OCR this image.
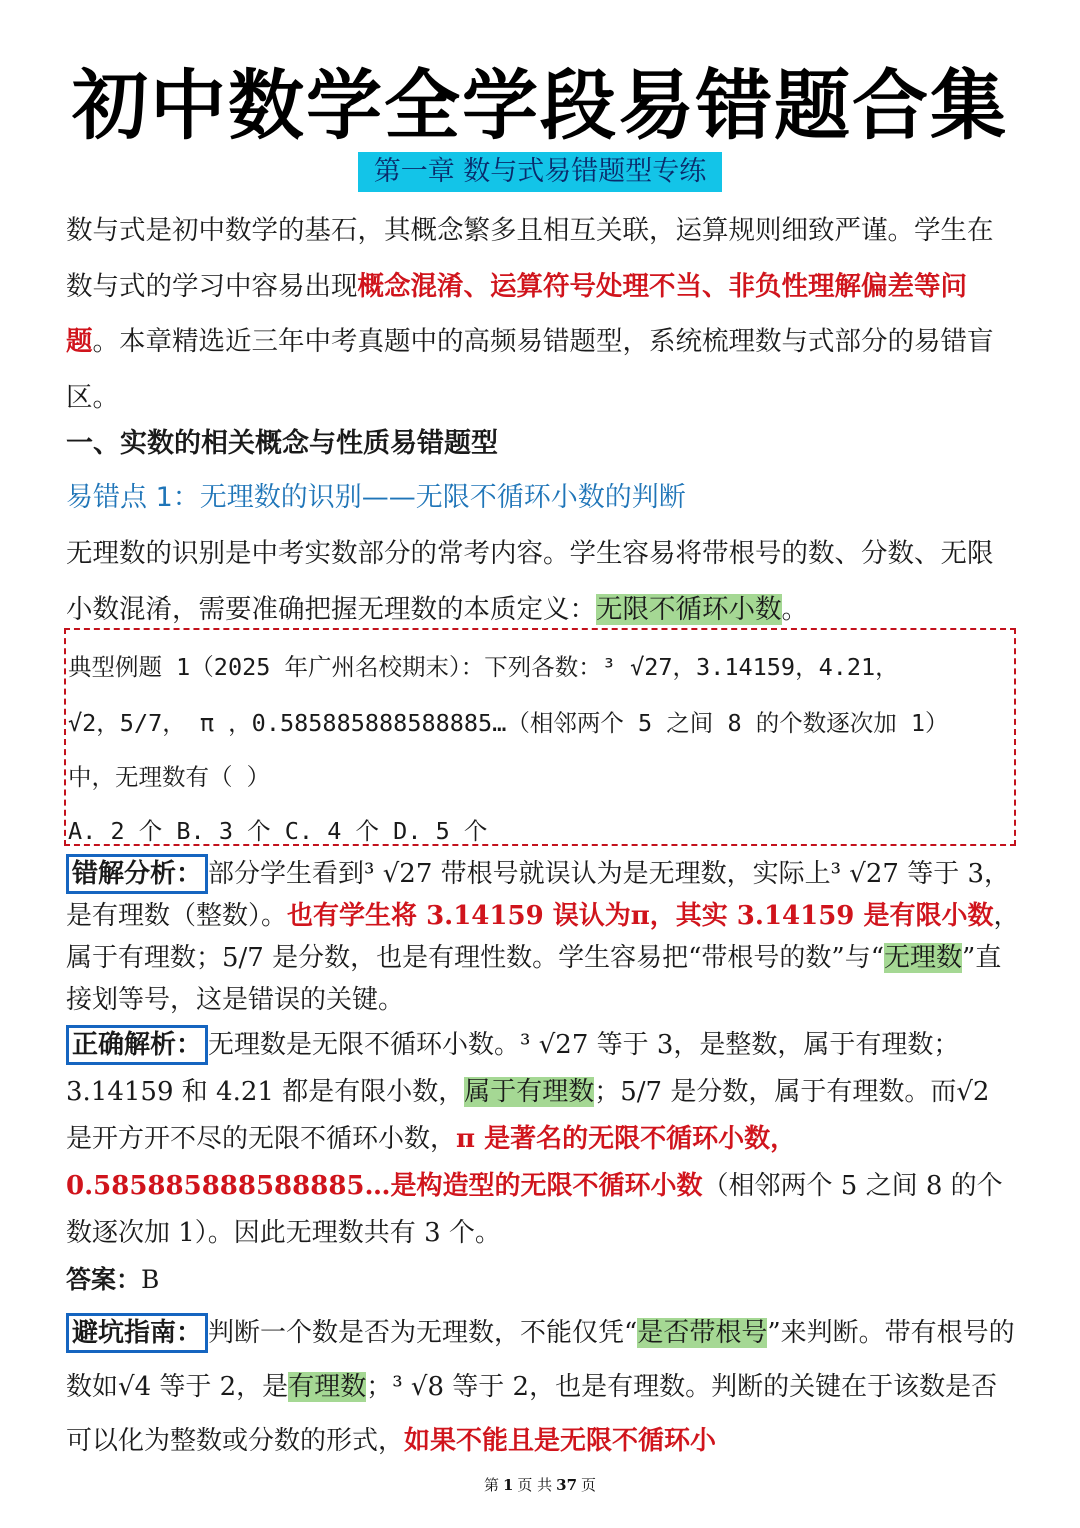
初中数学全学段易错题合集
第一章 数与式易错题型专练

数与式是初中数学的基石，其概念繁多且相互关联，运算规则细致严谨。学生在数与式的学习中容易出现概念混淆、运算符号处理不当、非负性理解偏差等问题。本章精选近三年中考真题中的高频易错题型，系统梳理数与式部分的易错盲区。

一、实数的相关概念与性质易错题型

易错点 1：无理数的识别——无限不循环小数的判断

无理数的识别是中考实数部分的常考内容。学生容易将带根号的数、分数、无限小数混淆，需要准确把握无理数的本质定义：无限不循环小数。

典型例题 1（2025 年广州名校期末）：下列各数：³ √27，3.14159，4.21，

√2，5/7， π ，0.585885888588885…（相邻两个 5 之间 8 的个数逐次加 1）

中，无理数有（ ）

A. 2 个 B. 3 个 C. 4 个 D. 5 个

错解分析： 部分学生看到³ √27 带根号就误认为是无理数，实际上³ √27 等于 3，是有理数（整数）。也有学生将 3.14159 误认为π，其实 3.14159 是有限小数，属于有理数；5/7 是分数，也是有理性数。学生容易把“带根号的数”与“无理数”直接划等号，这是错误的关键。

正确解析： 无理数是无限不循环小数。³ √27 等于 3，是整数，属于有理数；3.14159 和 4.21 都是有限小数，属于有理数；5/7 是分数，属于有理数。而√2 是开方开不尽的无限不循环小数，π 是著名的无限不循环小数，0.585885888588885…是构造型的无限不循环小数（相邻两个 5 之间 8 的个数逐次加 1）。因此无理数共有 3 个。

答案：B

避坑指南： 判断一个数是否为无理数，不能仅凭“是否带根号”来判断。带有根号的数如√4 等于 2，是有理数；³ √8 等于 2，也是有理数。判断的关键在于该数是否可以化为整数或分数的形式，如果不能且是无限不循环小

第 1 页 共 37 页
